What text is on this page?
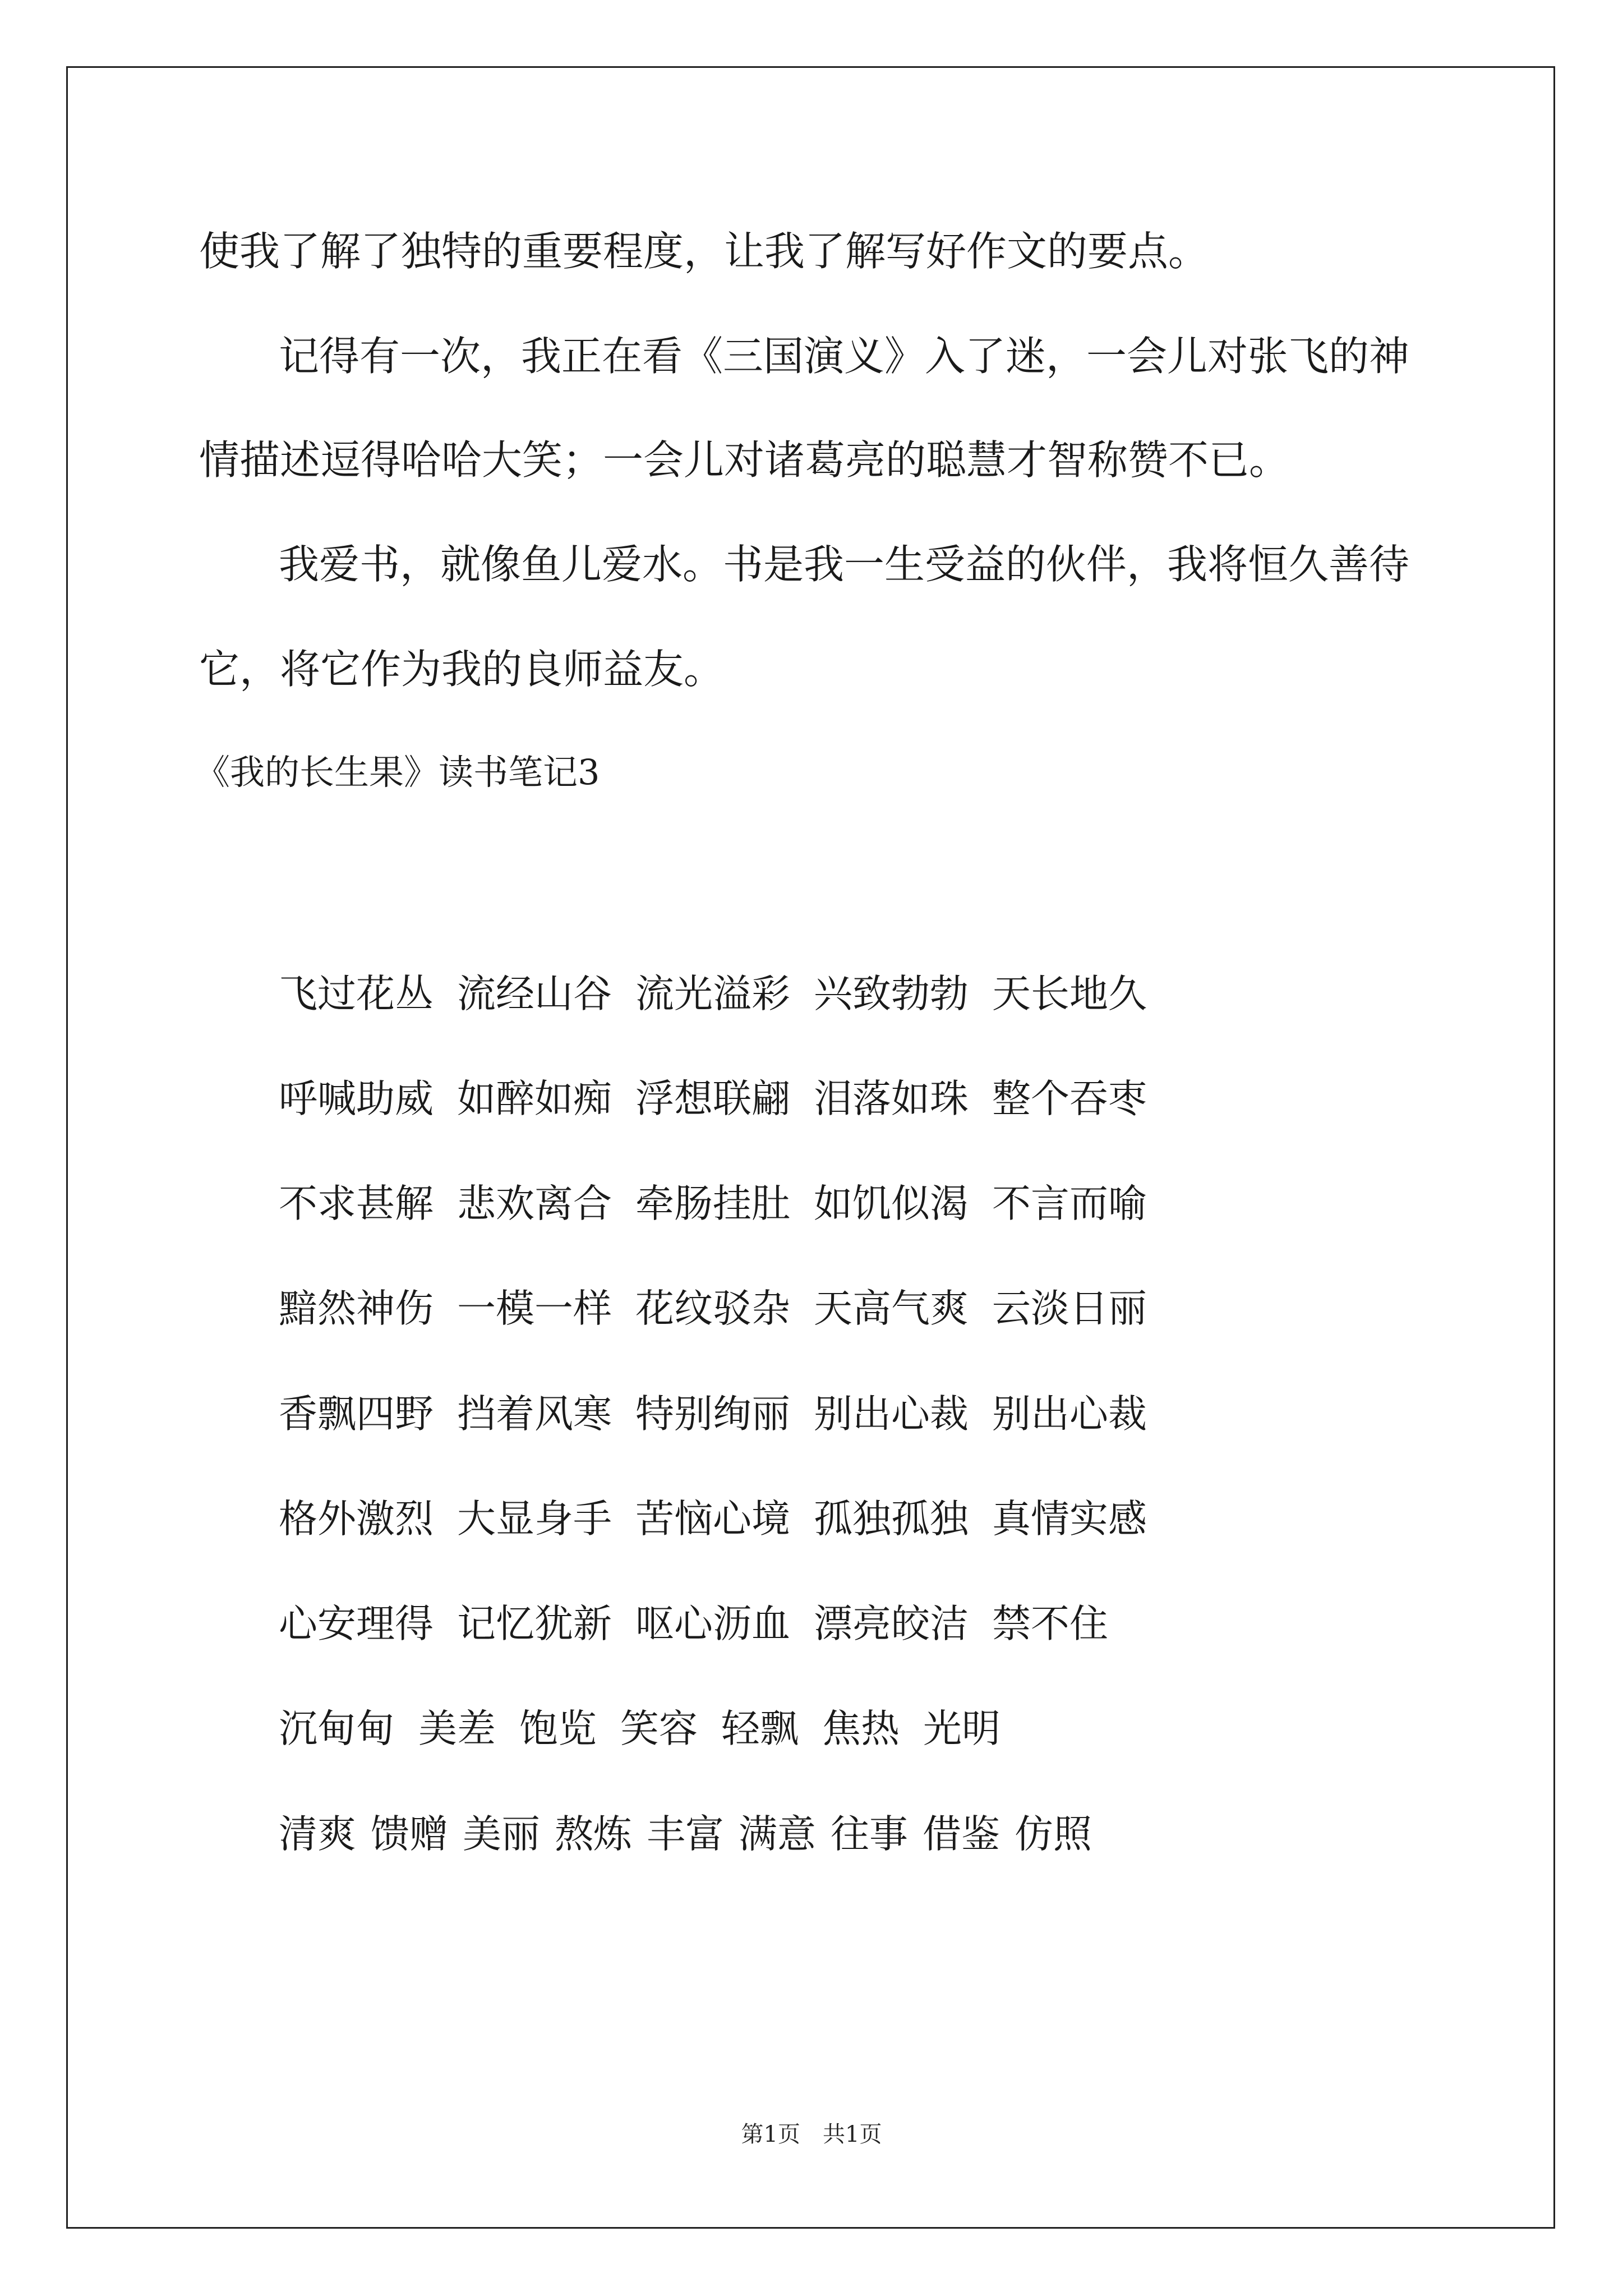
使我了解了独特的重要程度，让我了解写好作文的要点。

记得有一次，我正在看《三国演义》入了迷，一会儿对张飞的神

情描述逗得哈哈大笑；一会儿对诸葛亮的聪慧才智称赞不已。

我爱书，就像鱼儿爱水。书是我一生受益的伙伴，我将恒久善待

它，将它作为我的良师益友。

《我的长生果》读书笔记3

飞过花丛 流经山谷 流光溢彩 兴致勃勃 天长地久
呼喊助威 如醉如痴 浮想联翩 泪落如珠 整个吞枣
不求甚解 悲欢离合 牵肠挂肚 如饥似渴 不言而喻
黯然神伤 一模一样 花纹驳杂 天高气爽 云淡日丽
香飘四野 挡着风寒 特别绚丽 别出心裁 别出心裁
格外激烈 大显身手 苦恼心境 孤独孤独 真情实感
心安理得 记忆犹新 呕心沥血 漂亮皎洁 禁不住
沉甸甸 美差 饱览 笑容 轻飘 焦热 光明
清爽 馈赠 美丽 熬炼 丰富 满意 往事 借鉴 仿照
第1页　共1页
